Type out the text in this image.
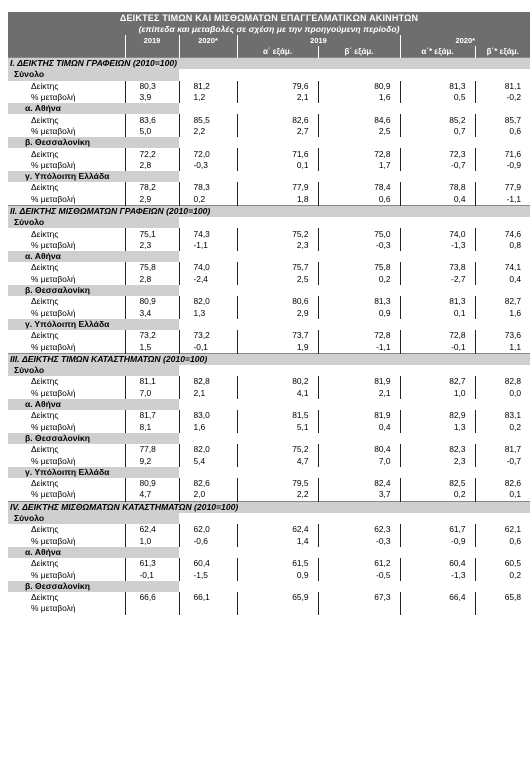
ΔΕΙΚΤΕΣ ΤΙΜΩΝ ΚΑΙ ΜΙΣΘΩΜΑΤΩΝ ΕΠΑΓΓΕΛΜΑΤΙΚΩΝ ΑΚΙΝΗΤΩΝ						
(επίπεδα και μεταβολές σε σχέση με την προηγούμενη περίοδο)						
	2019	2020*	2019		2020*	
			α΄ εξάμ.	β΄ εξάμ.	α΄* εξάμ.	β΄* εξάμ.
I. ΔΕΙΚΤΗΣ ΤΙΜΩΝ ΓΡΑΦΕΙΩΝ (2010=100)						
Σύνολο						
Δείκτης	80,3	81,2	79,6	80,9	81,3	81,1
% μεταβολή	3,9	1,2	2,1	1,6	0,5	-0,2
α. Αθήνα						
Δείκτης	83,6	85,5	82,6	84,6	85,2	85,7
% μεταβολή	5,0	2,2	2,7	2,5	0,7	0,6
β. Θεσσαλονίκη						
Δείκτης	72,2	72,0	71,6	72,8	72,3	71,6
% μεταβολή	2,8	-0,3	0,1	1,7	-0,7	-0,9
γ. Υπόλοιπη Ελλάδα						
Δείκτης	78,2	78,3	77,9	78,4	78,8	77,9
% μεταβολή	2,9	0,2	1,8	0,6	0,4	-1,1
II. ΔΕΙΚΤΗΣ ΜΙΣΘΩΜΑΤΩΝ ΓΡΑΦΕΙΩΝ (2010=100)						
Σύνολο						
Δείκτης	75,1	74,3	75,2	75,0	74,0	74,6
% μεταβολή	2,3	-1,1	2,3	-0,3	-1,3	0,8
α. Αθήνα						
Δείκτης	75,8	74,0	75,7	75,8	73,8	74,1
% μεταβολή	2,8	-2,4	2,5	0,2	-2,7	0,4
β. Θεσσαλονίκη						
Δείκτης	80,9	82,0	80,6	81,3	81,3	82,7
% μεταβολή	3,4	1,3	2,9	0,9	0,1	1,6
γ. Υπόλοιπη Ελλάδα						
Δείκτης	73,2	73,2	73,7	72,8	72,8	73,6
% μεταβολή	1,5	-0,1	1,9	-1,1	-0,1	1,1
III. ΔΕΙΚΤΗΣ ΤΙΜΩΝ ΚΑΤΑΣΤΗΜΑΤΩΝ (2010=100)						
Σύνολο						
Δείκτης	81,1	82,8	80,2	81,9	82,7	82,8
% μεταβολή	7,0	2,1	4,1	2,1	1,0	0,0
α. Αθήνα						
Δείκτης	81,7	83,0	81,5	81,9	82,9	83,1
% μεταβολή	8,1	1,6	5,1	0,4	1,3	0,2
β. Θεσσαλονίκη						
Δείκτης	77,8	82,0	75,2	80,4	82,3	81,7
% μεταβολή	9,2	5,4	4,7	7,0	2,3	-0,7
γ. Υπόλοιπη Ελλάδα						
Δείκτης	80,9	82,6	79,5	82,4	82,5	82,6
% μεταβολή	4,7	2,0	2,2	3,7	0,2	0,1
IV. ΔΕΙΚΤΗΣ ΜΙΣΘΩΜΑΤΩΝ ΚΑΤΑΣΤΗΜΑΤΩΝ (2010=100)						
Σύνολο						
Δείκτης	62,4	62,0	62,4	62,3	61,7	62,1
% μεταβολή	1,0	-0,6	1,4	-0,3	-0,9	0,6
α. Αθήνα						
Δείκτης	61,3	60,4	61,5	61,2	60,4	60,5
% μεταβολή	-0,1	-1,5	0,9	-0,5	-1,3	0,2
β. Θεσσαλονίκη						
Δείκτης	66,6	66,1	65,9	67,3	66,4	65,8
% μεταβολή						
